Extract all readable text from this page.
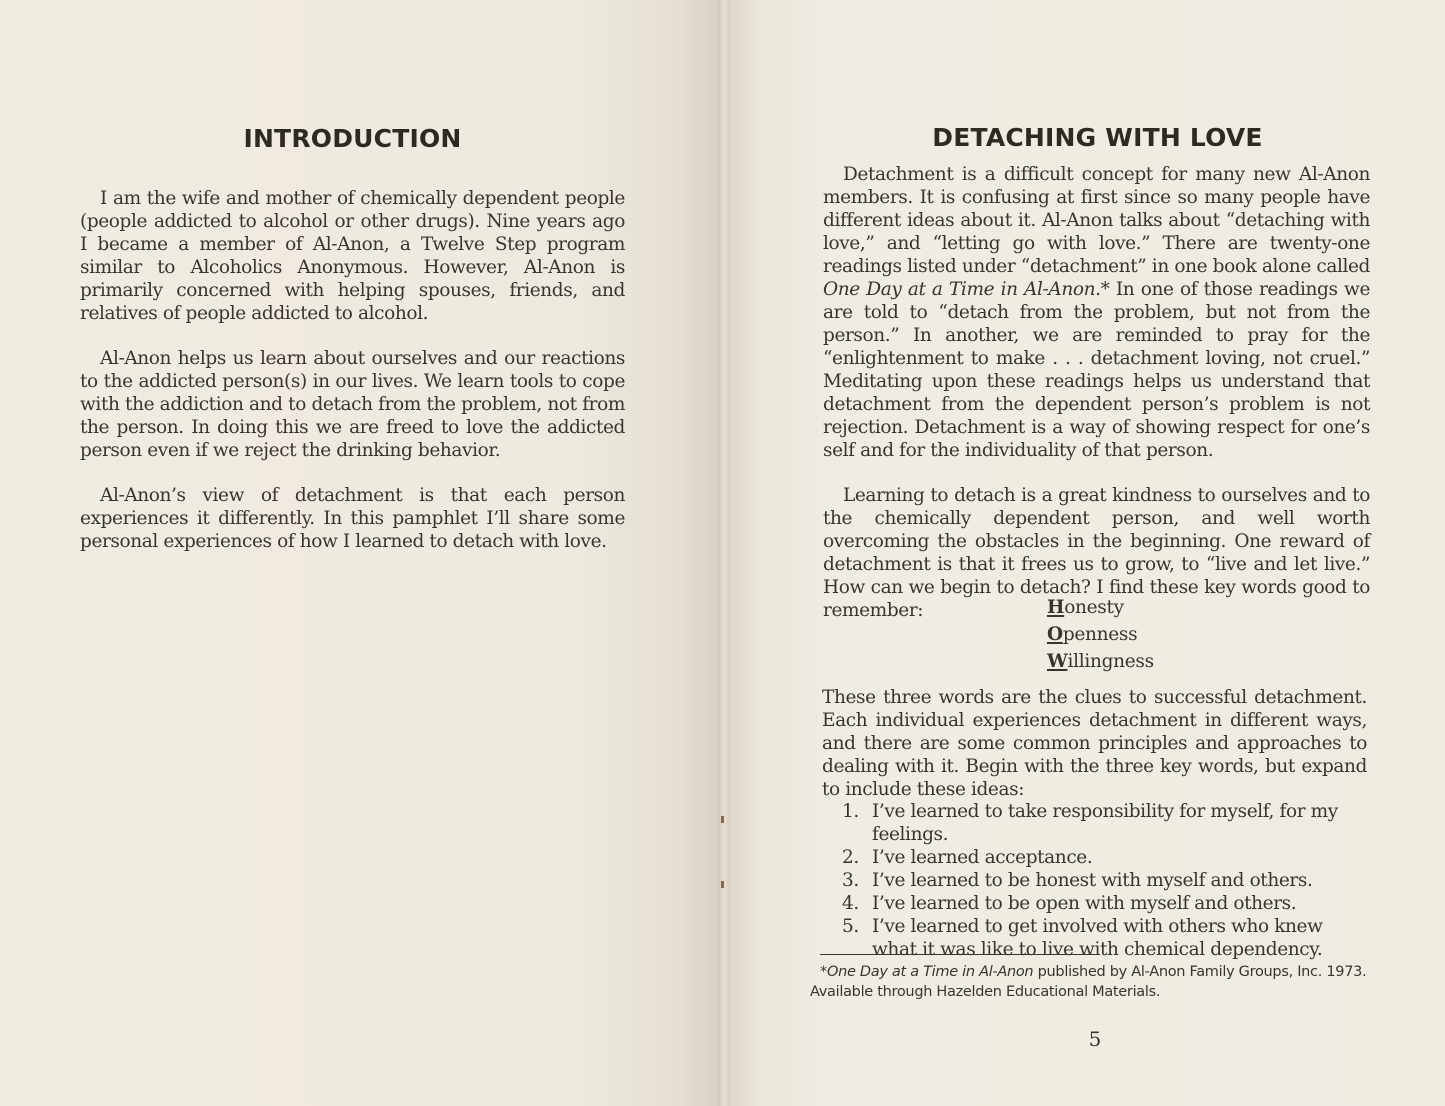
INTRODUCTION

I am the wife and mother of chemically dependent people (people addicted to alcohol or other drugs). Nine years ago I became a member of Al-Anon, a Twelve Step program similar to Alcoholics Anonymous. However, Al-Anon is primarily concerned with helping spouses, friends, and relatives of people addicted to alcohol.

Al-Anon helps us learn about ourselves and our reactions to the addicted person(s) in our lives. We learn tools to cope with the addiction and to detach from the problem, not from the person. In doing this we are freed to love the addicted person even if we reject the drinking behavior.

Al-Anon’s view of detachment is that each person experiences it differently. In this pamphlet I’ll share some personal experiences of how I learned to detach with love.

DETACHING WITH LOVE

Detachment is a difficult concept for many new Al-Anon members. It is confusing at first since so many people have different ideas about it. Al-Anon talks about “detaching with love,” and “letting go with love.” There are twenty-one readings listed under “detachment” in one book alone called One Day at a Time in Al-Anon.* In one of those readings we are told to “detach from the problem, but not from the person.” In another, we are reminded to pray for the “enlightenment to make . . . detachment loving, not cruel.” Meditating upon these readings helps us understand that detachment from the dependent person’s problem is not rejection. Detachment is a way of showing respect for one’s self and for the individuality of that person.

Learning to detach is a great kindness to ourselves and to the chemically dependent person, and well worth overcoming the obstacles in the beginning. One reward of detachment is that it frees us to grow, to “live and let live.” How can we begin to detach? I find these key words good to remember:	Honesty
Openness
Willingness

These three words are the clues to successful detachment. Each individual experiences detachment in different ways, and there are some common principles and approaches to dealing with it. Begin with the three key words, but expand to include these ideas:

1. I’ve learned to take responsibility for myself, for my feelings.
2. I’ve learned acceptance.
3. I’ve learned to be honest with myself and others.
4. I’ve learned to be open with myself and others.
5. I’ve learned to get involved with others who knew what it was like to live with chemical dependency.

*One Day at a Time in Al-Anon published by Al-Anon Family Groups, Inc. 1973. Available through Hazelden Educational Materials.

5
